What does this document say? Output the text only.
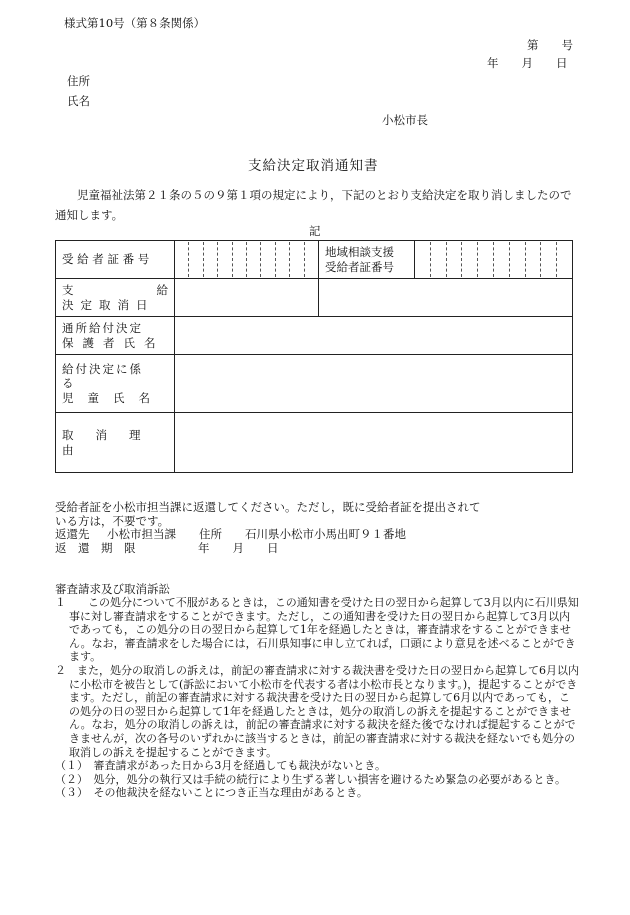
様式第10号（第８条関係）
第　　号
年　　月　　日
住所
氏名
小松市長
支給決定取消通知書
児童福祉法第２１条の５の９第１項の規定により，下記のとおり支給決定を取り消しましたので通知します。
記
受 給 者 証 番 号		地域相談支援
受給者証番号	

支 給
決定取消日			

通所給付決定
保護者氏名			

給付決定に係
る
児童氏名			

取消理由			

受給者証を小松市担当課に返還してください。ただし，既に受給者証を提出されて
いる方は，不要です。
返還先 小松市担当課　　住所　　石川県小松市小馬出町９１番地
返　還　期　限	年　　月　　日
審査請求及び取消訴訟

１　　この処分について不服があるときは，この通知書を受けた日の翌日から起算して3月以内に石川県知事に対し審査請求をすることができます。ただし，この通知書を受けた日の翌日から起算して3月以内であっても，この処分の日の翌日から起算して1年を経過したときは，審査請求をすることができません。なお，審査請求をした場合には，石川県知事に申し立てれば，口頭により意見を述べることができます。

２　また，処分の取消しの訴えは，前記の審査請求に対する裁決書を受けた日の翌日から起算して6月以内に小松市を被告として(訴訟において小松市を代表する者は小松市長となります。)，提起することができます。ただし，前記の審査請求に対する裁決書を受けた日の翌日から起算して6月以内であっても，この処分の日の翌日から起算して1年を経過したときは，処分の取消しの訴えを提起することができません。なお，処分の取消しの訴えは，前記の審査請求に対する裁決を経た後でなければ提起することができませんが，次の各号のいずれかに該当するときは，前記の審査請求に対する裁決を経ないでも処分の取消しの訴えを提起することができます。

（１）　審査請求があった日から3月を経過しても裁決がないとき。

（２）　処分，処分の執行又は手続の続行により生ずる著しい損害を避けるため緊急の必要があるとき。

（３）　その他裁決を経ないことにつき正当な理由があるとき。
